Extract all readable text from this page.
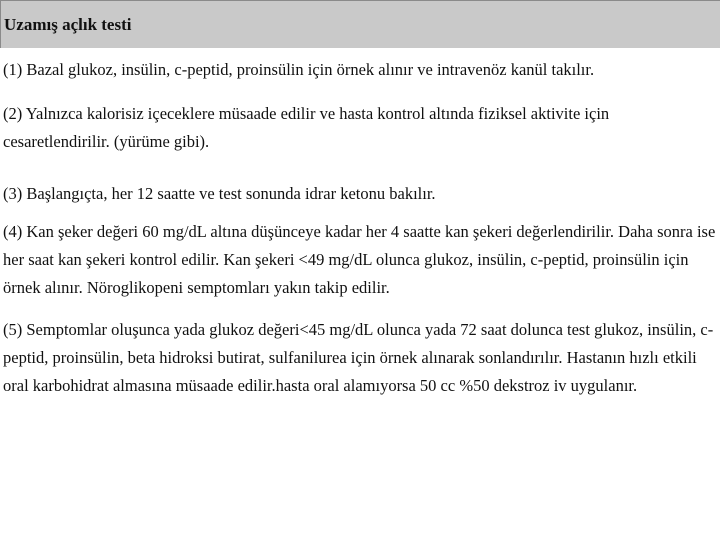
Uzamış açlık testi

(1) Bazal glukoz, insülin, c-peptid, proinsülin için örnek alınır ve intravenöz kanül takılır.

(2) Yalnızca kalorisiz içeceklere müsaade edilir ve hasta kontrol altında fiziksel aktivite için cesaretlendirilir. (yürüme gibi).

(3) Başlangıçta, her 12 saatte ve test sonunda idrar ketonu bakılır.

(4) Kan şeker değeri 60 mg/dL altına düşünceye kadar her 4 saatte kan şekeri değerlendirilir. Daha sonra ise her saat kan şekeri kontrol edilir. Kan şekeri <49 mg/dL olunca glukoz, insülin, c-peptid, proinsülin için örnek alınır. Nöroglikopeni semptomları yakın takip edilir.

(5) Semptomlar oluşunca yada glukoz değeri<45 mg/dL olunca yada 72 saat dolunca test glukoz, insülin, c-peptid, proinsülin, beta hidroksi butirat, sulfanilurea için örnek alınarak sonlandırılır. Hastanın hızlı etkili oral karbohidrat almasına müsaade edilir.hasta oral alamıyorsa 50 cc %50 dekstroz iv uygulanır.
